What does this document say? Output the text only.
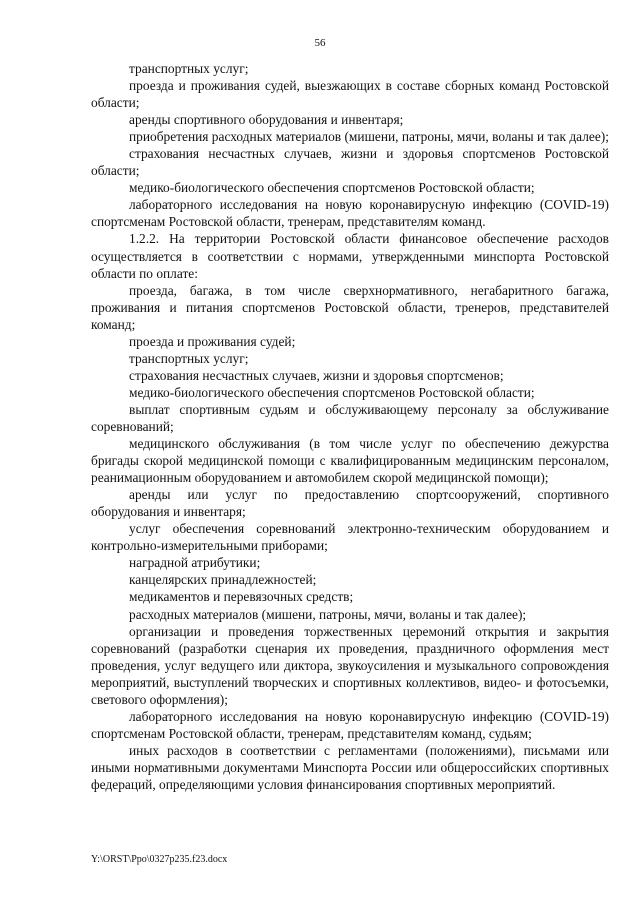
56

транспортных услуг;

проезда и проживания судей, выезжающих в составе сборных команд Ростовской области;

аренды спортивного оборудования и инвентаря;

приобретения расходных материалов (мишени, патроны, мячи, воланы и так далее);

страхования несчастных случаев, жизни и здоровья спортсменов Ростовской области;

медико-биологического обеспечения спортсменов Ростовской области;

лабораторного исследования на новую коронавирусную инфекцию (COVID-19) спортсменам Ростовской области, тренерам, представителям команд.

1.2.2. На территории Ростовской области финансовое обеспечение расходов осуществляется в соответствии с нормами, утвержденными минспорта Ростовской области по оплате:

проезда, багажа, в том числе сверхнормативного, негабаритного багажа, проживания и питания спортсменов Ростовской области, тренеров, представителей команд;

проезда и проживания судей;

транспортных услуг;

страхования несчастных случаев, жизни и здоровья спортсменов;

медико-биологического обеспечения спортсменов Ростовской области;

выплат спортивным судьям и обслуживающему персоналу за обслуживание соревнований;

медицинского обслуживания (в том числе услуг по обеспечению дежурства бригады скорой медицинской помощи с квалифицированным медицинским персоналом, реанимационным оборудованием и автомобилем скорой медицинской помощи);

аренды или услуг по предоставлению спортсооружений, спортивного оборудования и инвентаря;

услуг обеспечения соревнований электронно-техническим оборудованием и контрольно-измерительными приборами;

наградной атрибутики;

канцелярских принадлежностей;

медикаментов и перевязочных средств;

расходных материалов (мишени, патроны, мячи, воланы и так далее);

организации и проведения торжественных церемоний открытия и закрытия соревнований (разработки сценария их проведения, праздничного оформления мест проведения, услуг ведущего или диктора, звукоусиления и музыкального сопровождения мероприятий, выступлений творческих и спортивных коллективов, видео- и фотосъемки, светового оформления);

лабораторного исследования на новую коронавирусную инфекцию (COVID-19) спортсменам Ростовской области, тренерам, представителям команд, судьям;

иных расходов в соответствии с регламентами (положениями), письмами или иными нормативными документами Минспорта России или общероссийских спортивных федераций, определяющими условия финансирования спортивных мероприятий.

Y:\ORST\Ppo\0327p235.f23.docx
